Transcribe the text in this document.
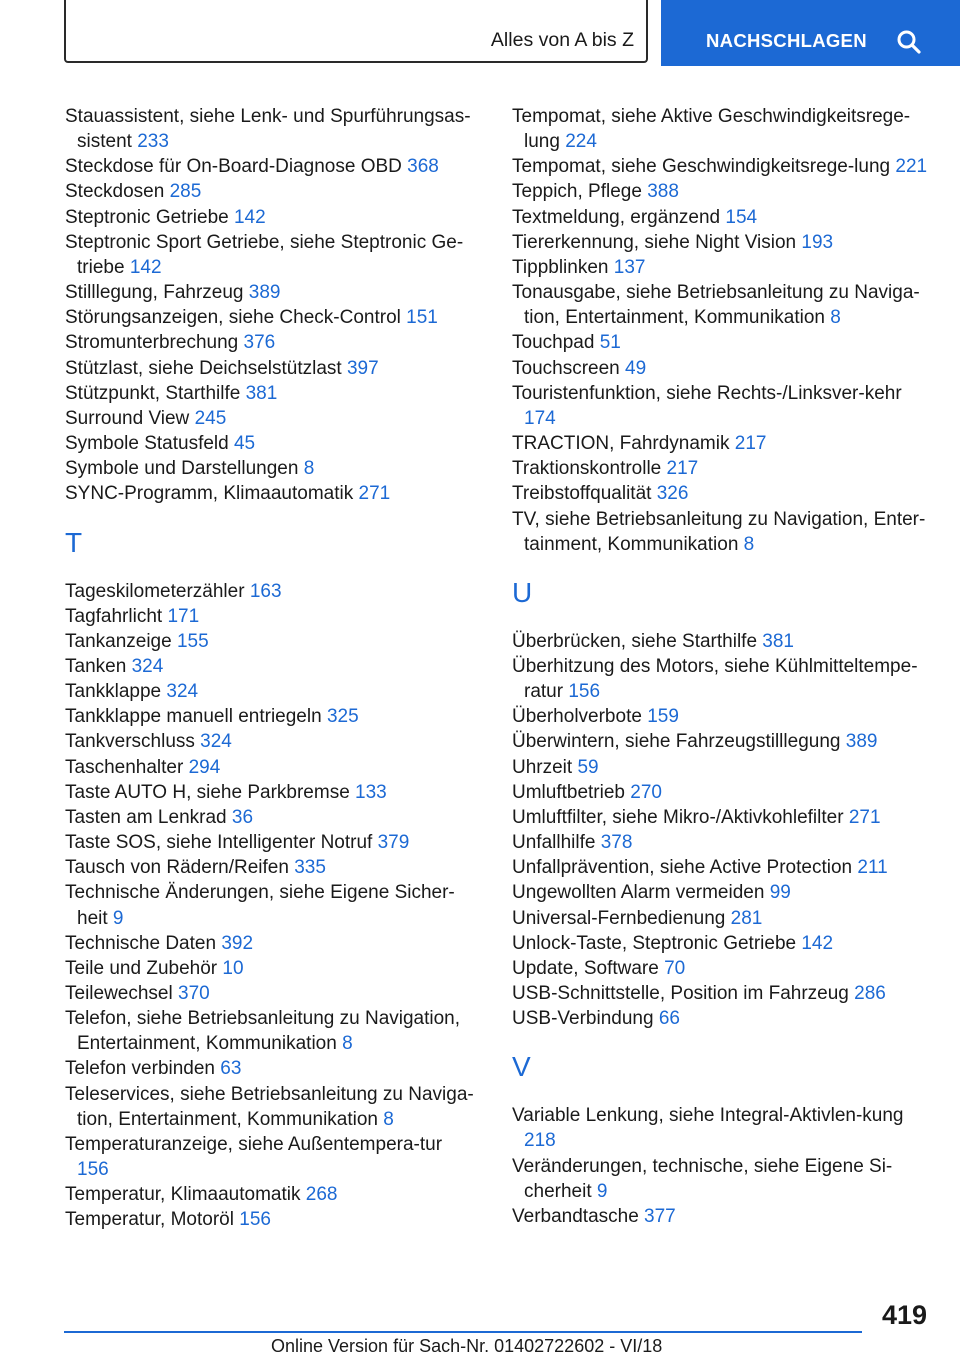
Alles von A bis Z	NACHSCHLAGEN
Stauassistent, siehe Lenk- und Spurführungsas‐sistent 233
Steckdose für On-Board-Diagnose OBD 368
Steckdosen 285
Steptronic Getriebe 142
Steptronic Sport Getriebe, siehe Steptronic Ge‐triebe 142
Stilllegung, Fahrzeug 389
Störungsanzeigen, siehe Check-Control 151
Stromunterbrechung 376
Stützlast, siehe Deichselstützlast 397
Stützpunkt, Starthilfe 381
Surround View 245
Symbole Statusfeld 45
Symbole und Darstellungen 8
SYNC-Programm, Klimaautomatik 271
T
Tageskilometerzähler 163
Tagfahrlicht 171
Tankanzeige 155
Tanken 324
Tankklappe 324
Tankklappe manuell entriegeln 325
Tankverschluss 324
Taschenhalter 294
Taste AUTO H, siehe Parkbremse 133
Tasten am Lenkrad 36
Taste SOS, siehe Intelligenter Notruf 379
Tausch von Rädern/Reifen 335
Technische Änderungen, siehe Eigene Sicher‐heit 9
Technische Daten 392
Teile und Zubehör 10
Teilewechsel 370
Telefon, siehe Betriebsanleitung zu Navigation, Entertainment, Kommunikation 8
Telefon verbinden 63
Teleservices, siehe Betriebsanleitung zu Naviga‐tion, Entertainment, Kommunikation 8
Temperaturanzeige, siehe Außentempera‐tur 156
Temperatur, Klimaautomatik 268
Temperatur, Motoröl 156
Tempomat, siehe Aktive Geschwindigkeitsrege‐lung 224
Tempomat, siehe Geschwindigkeitsrege‐lung 221
Teppich, Pflege 388
Textmeldung, ergänzend 154
Tiererkennung, siehe Night Vision 193
Tippblinken 137
Tonausgabe, siehe Betriebsanleitung zu Naviga‐tion, Entertainment, Kommunikation 8
Touchpad 51
Touchscreen 49
Touristenfunktion, siehe Rechts-/Linksver‐kehr 174
TRACTION, Fahrdynamik 217
Traktionskontrolle 217
Treibstoffqualität 326
TV, siehe Betriebsanleitung zu Navigation, Enter‐tainment, Kommunikation 8
U
Überbrücken, siehe Starthilfe 381
Überhitzung des Motors, siehe Kühlmitteltempe‐ratur 156
Überholverbote 159
Überwintern, siehe Fahrzeugstilllegung 389
Uhrzeit 59
Umluftbetrieb 270
Umluftfilter, siehe Mikro-/Aktivkohlefilter 271
Unfallhilfe 378
Unfallprävention, siehe Active Protection 211
Ungewollten Alarm vermeiden 99
Universal-Fernbedienung 281
Unlock-Taste, Steptronic Getriebe 142
Update, Software 70
USB-Schnittstelle, Position im Fahrzeug 286
USB-Verbindung 66
V
Variable Lenkung, siehe Integral-Aktivlen‐kung 218
Veränderungen, technische, siehe Eigene Si‐cherheit 9
Verbandtasche 377
419
Online Version für Sach-Nr. 01402722602 - VI/18
